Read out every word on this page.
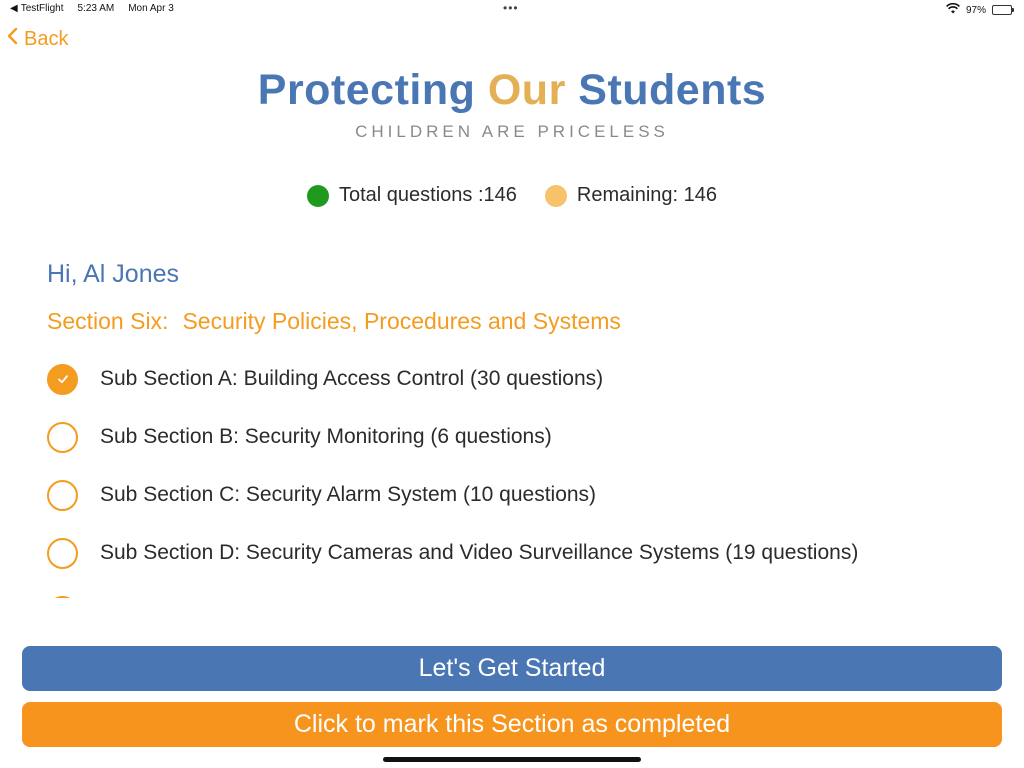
◀ TestFlight 5:23 AM Mon Apr 3	•••	97%
Back
Protecting Our Students
CHILDREN ARE PRICELESS
Total questions :146	Remaining: 146
Hi, Al Jones
Section Six: Security Policies, Procedures and Systems
Sub Section A: Building Access Control (30 questions)
Sub Section B: Security Monitoring (6 questions)
Sub Section C: Security Alarm System (10 questions)
Sub Section D: Security Cameras and Video Surveillance Systems (19 questions)
Let's Get Started
Click to mark this Section as completed
